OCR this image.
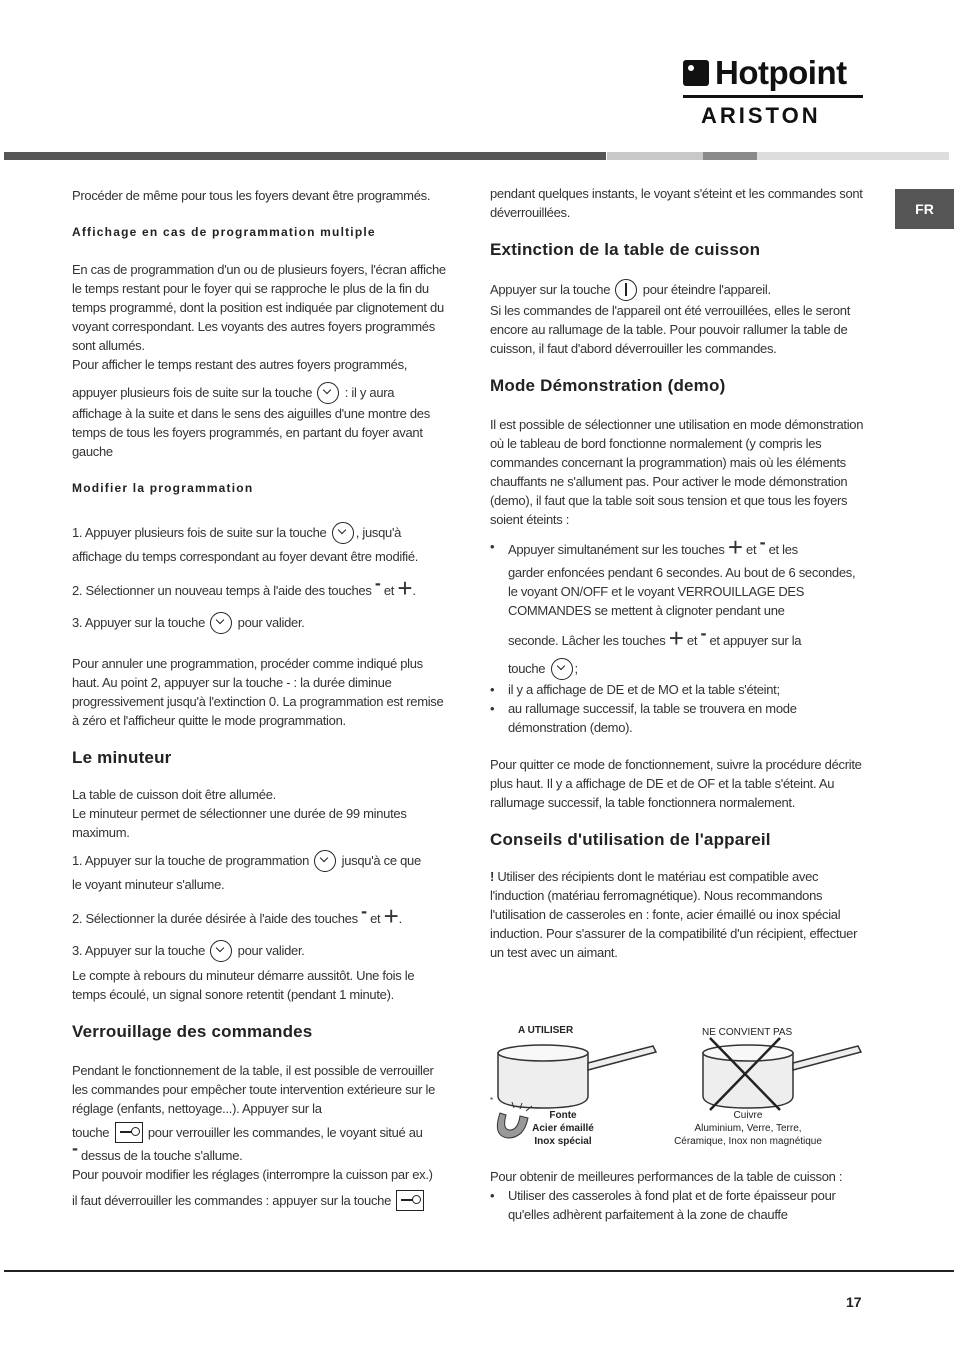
Hotpoint
ARISTON
FR

Procéder de même pour tous les foyers devant être programmés.

Affichage en cas de programmation multiple

En cas de programmation d'un ou de plusieurs foyers, l'écran affiche le temps restant pour le foyer qui se rapproche le plus de la fin du temps programmé, dont la position est indiquée par clignotement du voyant correspondant. Les voyants des autres foyers programmés sont allumés.

Pour afficher le temps restant des autres foyers programmés,

appuyer plusieurs fois de suite sur la touche	: il y aura

affichage à la suite et dans le sens des aiguilles d'une montre des temps de tous les foyers programmés, en partant du foyer avant gauche

Modifier la programmation

1. Appuyer plusieurs fois de suite sur la touche , jusqu'à

affichage du temps correspondant au foyer devant être modifié.

2. Sélectionner un nouveau temps à l'aide des touches - et +.

3. Appuyer sur la touche	pour valider.

Pour annuler une programmation, procéder comme indiqué plus haut. Au point 2, appuyer sur la touche - : la durée diminue progressivement jusqu'à l'extinction 0. La programmation est remise à zéro et l'afficheur quitte le mode programmation.

Le minuteur

La table de cuisson doit être allumée.

Le minuteur permet de sélectionner une durée de 99 minutes maximum.

1. Appuyer sur la touche de programmation	jusqu'à ce que

le voyant minuteur s'allume.

2. Sélectionner la durée désirée à l'aide des touches - et +.

3. Appuyer sur la touche	pour valider.

Le compte à rebours du minuteur démarre aussitôt. Une fois le temps écoulé, un signal sonore retentit (pendant 1 minute).

Verrouillage des commandes

Pendant le fonctionnement de la table, il est possible de verrouiller les commandes pour empêcher toute intervention extérieure sur le réglage (enfants, nettoyage...). Appuyer sur la

touche	pour verrouiller les commandes, le voyant situé au

- dessus de la touche s'allume.

Pour pouvoir modifier les réglages (interrompre la cuisson par ex.)

il faut déverrouiller les commandes : appuyer sur la touche

pendant quelques instants, le voyant s'éteint et les commandes sont déverrouillées.

Extinction de la table de cuisson

Appuyer sur la touche	pour éteindre l'appareil.

Si les commandes de l'appareil ont été verrouillées, elles le seront encore au rallumage de la table. Pour pouvoir rallumer la table de cuisson, il faut d'abord déverrouiller les commandes.

Mode Démonstration (demo)

Il est possible de sélectionner une utilisation en mode démonstration où le tableau de bord fonctionne normalement (y compris les commandes concernant la programmation) mais où les éléments chauffants ne s'allument pas. Pour activer le mode démonstration (demo), il faut que la table soit sous tension et que tous les foyers soient éteints :

• Appuyer simultanément sur les touches + et - et les

garder enfoncées pendant 6 secondes. Au bout de 6 secondes, le voyant ON/OFF et le voyant VERROUILLAGE DES COMMANDES se mettent à clignoter pendant une

seconde. Lâcher les touches + et - et appuyer sur la

touche ;

• il y a affichage de DE et de MO et la table s'éteint;
• au rallumage successif, la table se trouvera en mode démonstration (demo).

Pour quitter ce mode de fonctionnement, suivre la procédure décrite plus haut. Il y a affichage de DE et de OF et la table s'éteint. Au rallumage successif, la table fonctionnera normalement.

Conseils d'utilisation de l'appareil

! Utiliser des récipients dont le matériau est compatible avec l'induction (matériau ferromagnétique). Nous recommandons l'utilisation de casseroles en : fonte, acier émaillé ou inox spécial induction. Pour s'assurer de la compatibilité d'un récipient, effectuer un test avec un aimant.

A UTILISER
*
Fonte
Acier émaillé
Inox spécial
NE CONVIENT PAS
Cuivre
Aluminium, Verre, Terre,
Céramique, Inox non magnétique

Pour obtenir de meilleures performances de la table de cuisson :

• Utiliser des casseroles à fond plat et de forte épaisseur pour qu'elles adhèrent parfaitement à la zone de chauffe
17
